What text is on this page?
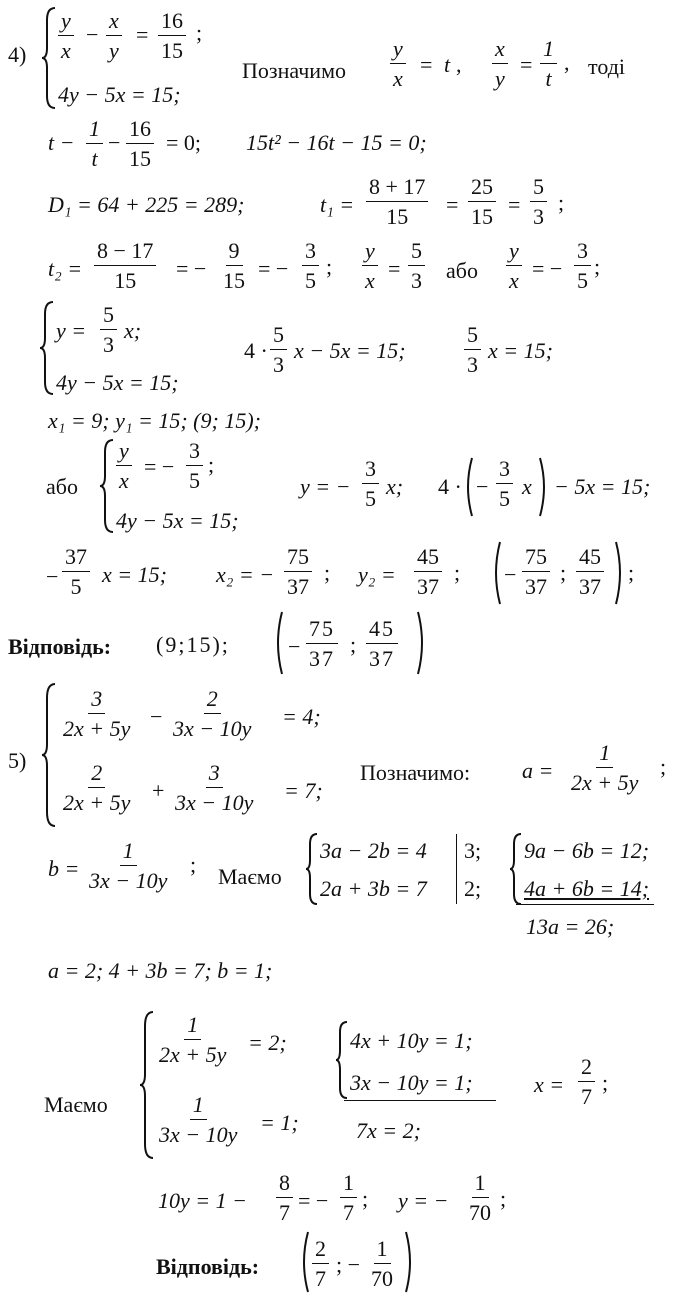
$4) \frac{y}{x} - \frac{x}{y} = \frac{16}{15}$ ;
4y − 5x = 15;
Позначимо $\frac{y}{x} = t$ , $\frac{x}{y} = \frac{1}{t}$ , тоді
$t - \frac{1}{t} - \frac{16}{15} = 0$; 15t² − 16t − 15 = 0;
D₁ = 64 + 225 = 289;	$t_1 = \frac{8 + 17}{15} = \frac{25}{15} = \frac{5}{3}$ ;
$t_2 = \frac{8 - 17}{15}$ = − $\frac{9}{15}$ = − $\frac{3}{5}$ ; $\frac{y}{x} = \frac{5}{3}$ або $\frac{y}{x}$ = − $\frac{3}{5}$ ;
$y = \frac{5}{3} x$;
4y − 5x = 15;
$4 \cdot \frac{5}{3}$ x − 5x = 15;	$\frac{5}{3}$ x = 15;
x₁ = 9; y₁ = 15; (9; 15);
або $\frac{y}{x}$ = − $\frac{3}{5}$ ;
4y − 5x = 15;
y = − $\frac{3}{5} x$; 4 · − $\frac{3}{5}$ x − 5x = 15;
− $\frac{37}{5}$ x = 15; x₂ = − $\frac{75}{37}$ ; $y_2 = \frac{45}{37}$ ; − $\frac{75}{37}$ ; $\frac{45}{37}$ ;
Відповідь: (9;15);	− $\frac{75}{37}$ ; $\frac{45}{37}$
5)
$\frac{3}{2x + 5y} - \frac{2}{3x - 10y} = 4$;
$\frac{2}{2x + 5y} + \frac{3}{3x - 10y} = 7$;
Позначимо: $a = \frac{1}{2x + 5y}$ ;
$b = \frac{1}{3x - 10y}$ ; Маємо
3a − 2b = 4
2a + 3b = 7
3;
2;
9a − 6b = 12;
4a + 6b = 14;
13a = 26;
a = 2; 4 + 3b = 7; b = 1;
Маємо
$\frac{1}{2x + 5y} = 2$;
$\frac{1}{3x - 10y} = 1$;
4x + 10y = 1;
3x − 10y = 1;
7x = 2;
$x = \frac{2}{7}$ ;
$10y = 1 - \frac{8}{7}$ = − $\frac{1}{7}$ ; y = − $\frac{1}{70}$ ;
Відповідь: $\frac{2}{7}$ ; − $\frac{1}{70}$
